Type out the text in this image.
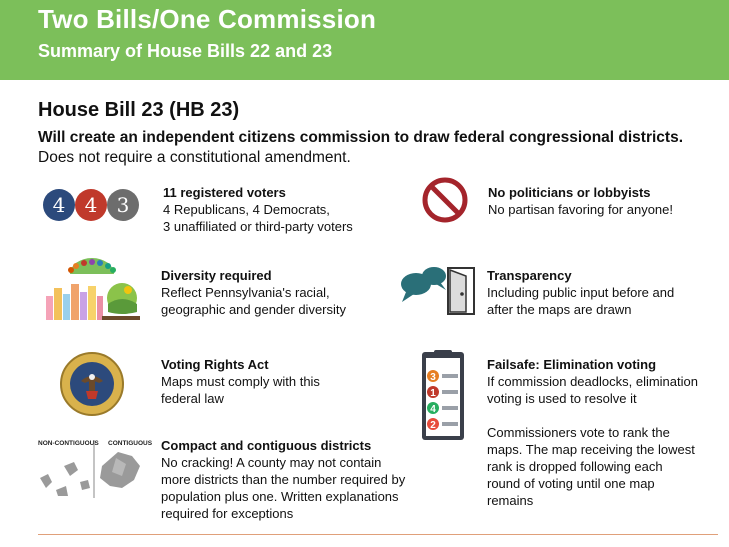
Two Bills/One Commission
Summary of House Bills 22 and 23
House Bill 23 (HB 23)
Will create an independent citizens commission to draw federal congressional districts.
Does not require a constitutional amendment.
4 4 3
11 registered voters
4 Republicans, 4 Democrats,
3 unaffiliated or third-party voters
No politicians or lobbyists
No partisan favoring for anyone!
Diversity required
Reflect Pennsylvania's racial,
geographic and gender diversity
Transparency
Including public input before and
after the maps are drawn
Voting Rights Act
Maps must comply with this
federal law
3
1
4
2
Failsafe: Elimination voting
If commission deadlocks, elimination
voting is used to resolve it
Commissioners vote to rank the
maps. The map receiving the lowest
rank is dropped following each
round of voting until one map
remains
NON-CONTIGUOUS CONTIGUOUS Compact and contiguous districts
No cracking! A county may not contain
more districts than the number required by
population plus one. Written explanations
required for exceptions
